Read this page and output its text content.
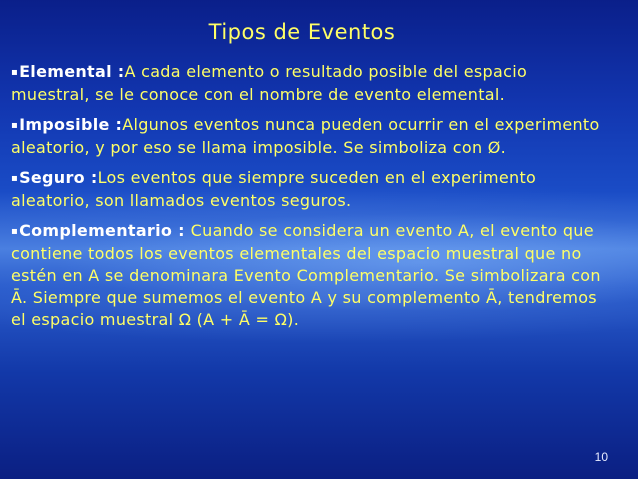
Tipos de Eventos

▪Elemental :A cada elemento o resultado posible del espacio muestral, se le conoce con el nombre de evento elemental.

▪Imposible :Algunos eventos nunca pueden ocurrir en el experimento aleatorio, y por eso se llama imposible. Se simboliza con Ø.

▪Seguro :Los eventos que siempre suceden en el experimento aleatorio, son llamados eventos seguros.

▪Complementario : Cuando se considera un evento A, el evento que contiene todos los eventos elementales del espacio muestral que no estén en A se denominara Evento Complementario. Se simbolizara con Ā. Siempre que sumemos el evento A y su complemento Ā, tendremos el espacio muestral Ω (A + Ā = Ω).

10
